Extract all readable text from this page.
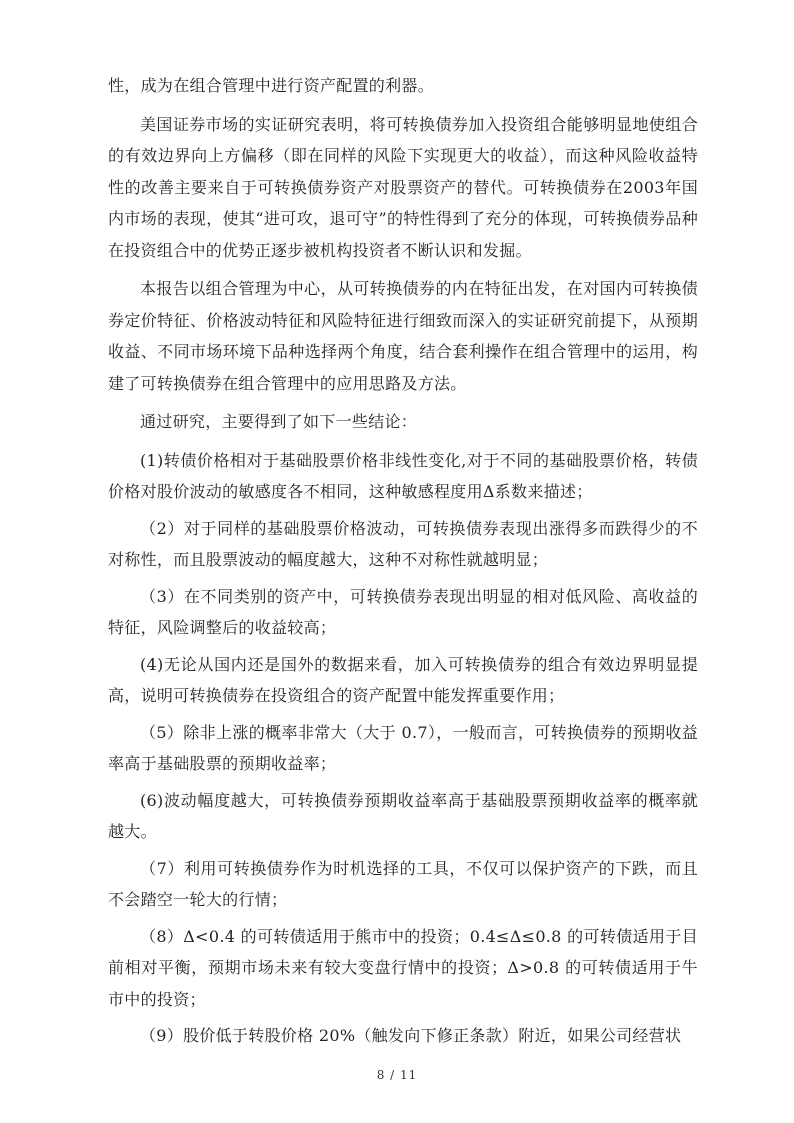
性，成为在组合管理中进行资产配置的利器。

美国证券市场的实证研究表明，将可转换债券加入投资组合能够明显地使组合的有效边界向上方偏移（即在同样的风险下实现更大的收益），而这种风险收益特性的改善主要来自于可转换债券资产对股票资产的替代。可转换债券在2003年国内市场的表现，使其“进可攻，退可守”的特性得到了充分的体现，可转换债券品种在投资组合中的优势正逐步被机构投资者不断认识和发掘。

本报告以组合管理为中心，从可转换债券的内在特征出发，在对国内可转换债券定价特征、价格波动特征和风险特征进行细致而深入的实证研究前提下，从预期收益、不同市场环境下品种选择两个角度，结合套利操作在组合管理中的运用，构建了可转换债券在组合管理中的应用思路及方法。

通过研究，主要得到了如下一些结论：

(1)转债价格相对于基础股票价格非线性变化,对于不同的基础股票价格，转债价格对股价波动的敏感度各不相同，这种敏感程度用Δ系数来描述；
（2）对于同样的基础股票价格波动，可转换债券表现出涨得多而跌得少的不对称性，而且股票波动的幅度越大，这种不对称性就越明显；
（3）在不同类别的资产中，可转换债券表现出明显的相对低风险、高收益的特征，风险调整后的收益较高；
(4)无论从国内还是国外的数据来看，加入可转换债券的组合有效边界明显提高，说明可转换债券在投资组合的资产配置中能发挥重要作用；
（5）除非上涨的概率非常大（大于 0.7），一般而言，可转换债券的预期收益率高于基础股票的预期收益率；
(6)波动幅度越大，可转换债券预期收益率高于基础股票预期收益率的概率就越大。
（7）利用可转换债券作为时机选择的工具，不仅可以保护资产的下跌，而且不会踏空一轮大的行情；
（8）Δ<0.4 的可转债适用于熊市中的投资；0.4≤Δ≤0.8 的可转债适用于目前相对平衡，预期市场未来有较大变盘行情中的投资；Δ>0.8 的可转债适用于牛市中的投资；
（9）股价低于转股价格 20%（触发向下修正条款）附近，如果公司经营状
8 / 11
